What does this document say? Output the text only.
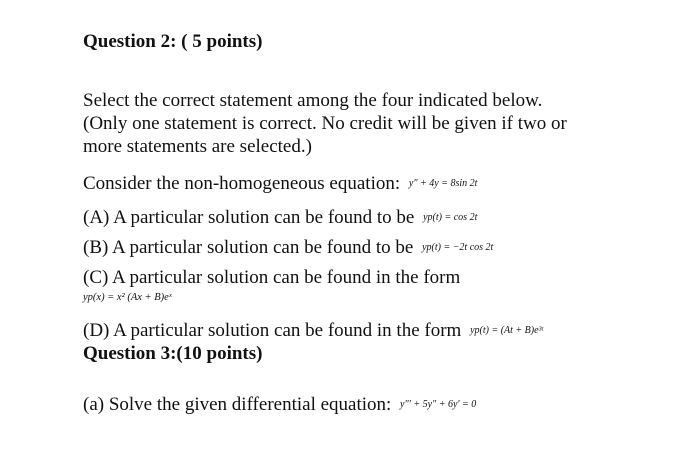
Question 2: ( 5 points)
Select the correct statement among the four indicated below.
(Only one statement is correct. No credit will be given if two or
more statements are selected.)
Consider the non-homogeneous equation: y" + 4y = 8sin 2t
(A) A particular solution can be found to be yp(t) = cos 2t
(B) A particular solution can be found to be yp(t) = −2t cos 2t
(C) A particular solution can be found in the form
yp(x) = x² (Ax + B)eˣ
(D) A particular solution can be found in the form yp(t) = (At + B)e³ᵗ
Question 3:(10 points)
(a) Solve the given differential equation: y"' + 5y" + 6y' = 0
